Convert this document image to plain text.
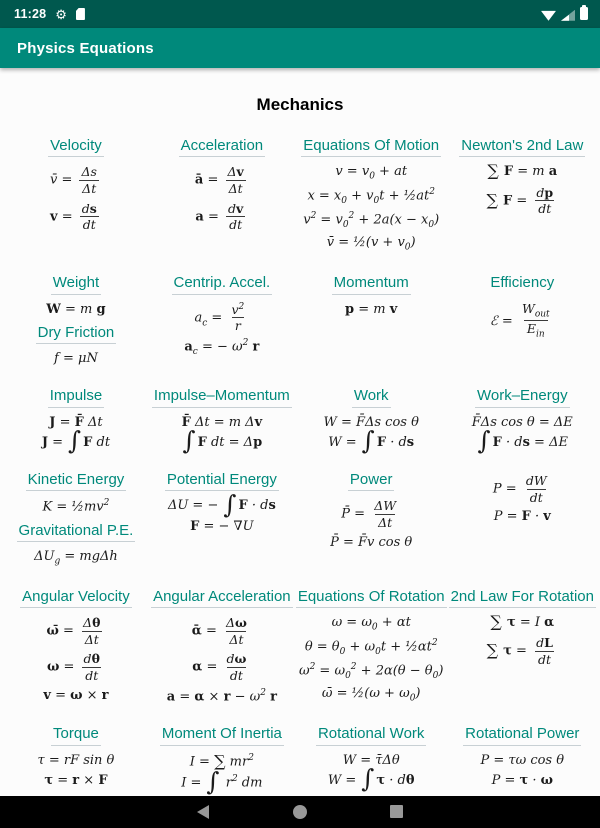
11:28 ⚙
Physics Equations
Mechanics
Velocity
v̄ = $\frac{\Delta s}{\Delta t}$
$v = \frac{ds}{dt}$
Acceleration
ā = $\frac{\Delta v}{\Delta t}$
$a = \frac{dv}{dt}$
Equations Of Motion
$v = v_0$ + at
$x = x_0 + v_0t$ + $\frac{1}{2}at^2$
$v^2 = v_0^2 + 2a(x - x_0)$
v̄ = ½(v + $v_0$)
Newton's 2nd Law
∑ F = m a
∑ $F = \frac{dp}{dt}$
Weight
W = m g
Dry Friction
f = μN
Centrip. Accel.
$a_c = \frac{v^2}{r}$
$a_c$ = − $\omega^2$ r
Momentum
p = m v
Efficiency
ℰ = $\frac{W_{out}}{E_{in}}$
Impulse
J = F̄ Δt
J = ∫ F dt
Impulse–Momentum
F̄ Δt = m Δv
∫ F dt = Δp
Work
W = F̄Δs cos θ
W = ∫ F · ds
Work–Energy
F̄Δs cos θ = ΔE
∫ F · ds = ΔE
Kinetic Energy
$K = \frac{1}{2}mv^2$
Gravitational P.E.
$\Delta U_g = mg\Delta h$
Potential Energy
ΔU = − ∫ F · ds
F = − ∇U
Power
P̄ = $\frac{\Delta W}{\Delta t}$
P̄ = F̄v cos θ
$P = \frac{dW}{dt}$
P = F · v
Angular Velocity
ω̄ = $\frac{\Delta\theta}{\Delta t}$
$\omega = \frac{d\theta}{dt}$
v = ω × r
Angular Acceleration
ᾱ = $\frac{\Delta\omega}{\Delta t}$
$\alpha = \frac{d\omega}{dt}$
$a = \alpha \times r - \omega^2$ r
Equations Of Rotation
$\omega = \omega_0 + \alpha t$
$\theta = \theta_0 + \omega_0t$ + $\frac{1}{2}\alpha t^2$
$\omega^2 = \omega_0^2 + 2\alpha(\theta - \theta_0)$
ω̄ = ½(ω + $\omega_0$)
2nd Law For Rotation
∑ τ = I α
∑ $\tau = \frac{dL}{dt}$
Torque
τ = rF sin θ
τ = r × F
Moment Of Inertia
I = ∑ $mr^2$
I = ∫ $r^2$ dm
Rotational Work
W = τ̄Δθ
W = ∫ τ · dθ
Rotational Power
P = τω cos θ
P = τ · ω
